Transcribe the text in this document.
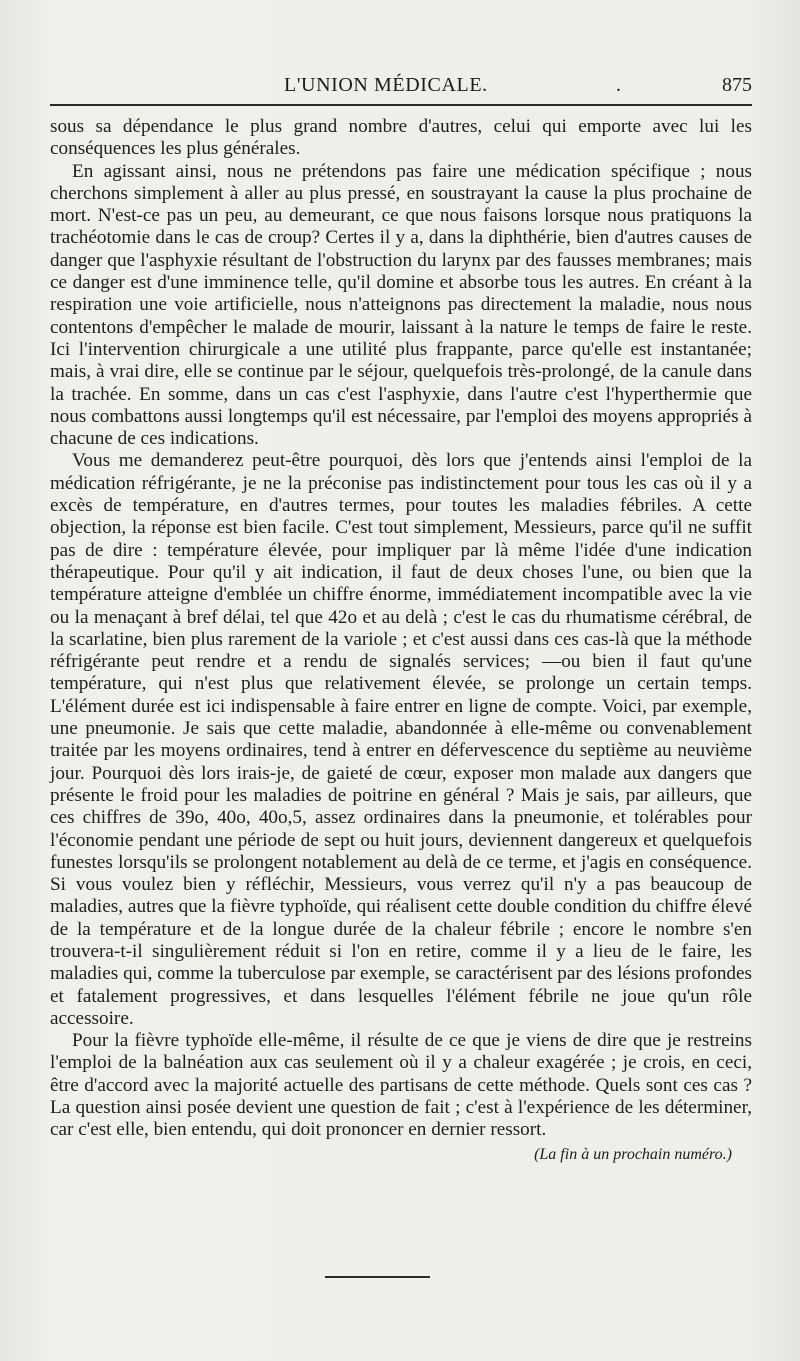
L'UNION MÉDICALE.	.	875

sous sa dépendance le plus grand nombre d'autres, celui qui emporte avec lui les conséquences les plus générales.

En agissant ainsi, nous ne prétendons pas faire une médication spécifique ; nous cherchons simplement à aller au plus pressé, en soustrayant la cause la plus prochaine de mort. N'est-ce pas un peu, au demeurant, ce que nous faisons lorsque nous pratiquons la trachéotomie dans le cas de croup? Certes il y a, dans la diphthérie, bien d'autres causes de danger que l'asphyxie résultant de l'obstruction du larynx par des fausses membranes; mais ce danger est d'une imminence telle, qu'il domine et absorbe tous les autres. En créant à la respiration une voie artificielle, nous n'atteignons pas directement la maladie, nous nous contentons d'empêcher le malade de mourir, laissant à la nature le temps de faire le reste. Ici l'intervention chirurgicale a une utilité plus frappante, parce qu'elle est instantanée; mais, à vrai dire, elle se continue par le séjour, quelquefois très-prolongé, de la canule dans la trachée. En somme, dans un cas c'est l'asphyxie, dans l'autre c'est l'hyperthermie que nous combattons aussi longtemps qu'il est nécessaire, par l'emploi des moyens appropriés à chacune de ces indications.

Vous me demanderez peut-être pourquoi, dès lors que j'entends ainsi l'emploi de la médication réfrigérante, je ne la préconise pas indistinctement pour tous les cas où il y a excès de température, en d'autres termes, pour toutes les maladies fébriles. A cette objection, la réponse est bien facile. C'est tout simplement, Messieurs, parce qu'il ne suffit pas de dire : température élevée, pour impliquer par là même l'idée d'une indication thérapeutique. Pour qu'il y ait indication, il faut de deux choses l'une, ou bien que la température atteigne d'emblée un chiffre énorme, immédiatement incompatible avec la vie ou la menaçant à bref délai, tel que 42o et au delà ; c'est le cas du rhumatisme cérébral, de la scarlatine, bien plus rarement de la variole ; et c'est aussi dans ces cas-là que la méthode réfrigérante peut rendre et a rendu de signalés services; —ou bien il faut qu'une température, qui n'est plus que relativement élevée, se prolonge un certain temps. L'élément durée est ici indispensable à faire entrer en ligne de compte. Voici, par exemple, une pneumonie. Je sais que cette maladie, abandonnée à elle-même ou convenablement traitée par les moyens ordinaires, tend à entrer en défervescence du septième au neuvième jour. Pourquoi dès lors irais-je, de gaieté de cœur, exposer mon malade aux dangers que présente le froid pour les maladies de poitrine en général ? Mais je sais, par ailleurs, que ces chiffres de 39o, 40o, 40o,5, assez ordinaires dans la pneumonie, et tolérables pour l'économie pendant une période de sept ou huit jours, deviennent dangereux et quelquefois funestes lorsqu'ils se prolongent notablement au delà de ce terme, et j'agis en conséquence. Si vous voulez bien y réfléchir, Messieurs, vous verrez qu'il n'y a pas beaucoup de maladies, autres que la fièvre typhoïde, qui réalisent cette double condition du chiffre élevé de la température et de la longue durée de la chaleur fébrile ; encore le nombre s'en trouvera-t-il singulièrement réduit si l'on en retire, comme il y a lieu de le faire, les maladies qui, comme la tuberculose par exemple, se caractérisent par des lésions profondes et fatalement progressives, et dans lesquelles l'élément fébrile ne joue qu'un rôle accessoire.

Pour la fièvre typhoïde elle-même, il résulte de ce que je viens de dire que je restreins l'emploi de la balnéation aux cas seulement où il y a chaleur exagérée ; je crois, en ceci, être d'accord avec la majorité actuelle des partisans de cette méthode. Quels sont ces cas ? La question ainsi posée devient une question de fait ; c'est à l'expérience de les déterminer, car c'est elle, bien entendu, qui doit prononcer en dernier ressort.

(La fin à un prochain numéro.)
